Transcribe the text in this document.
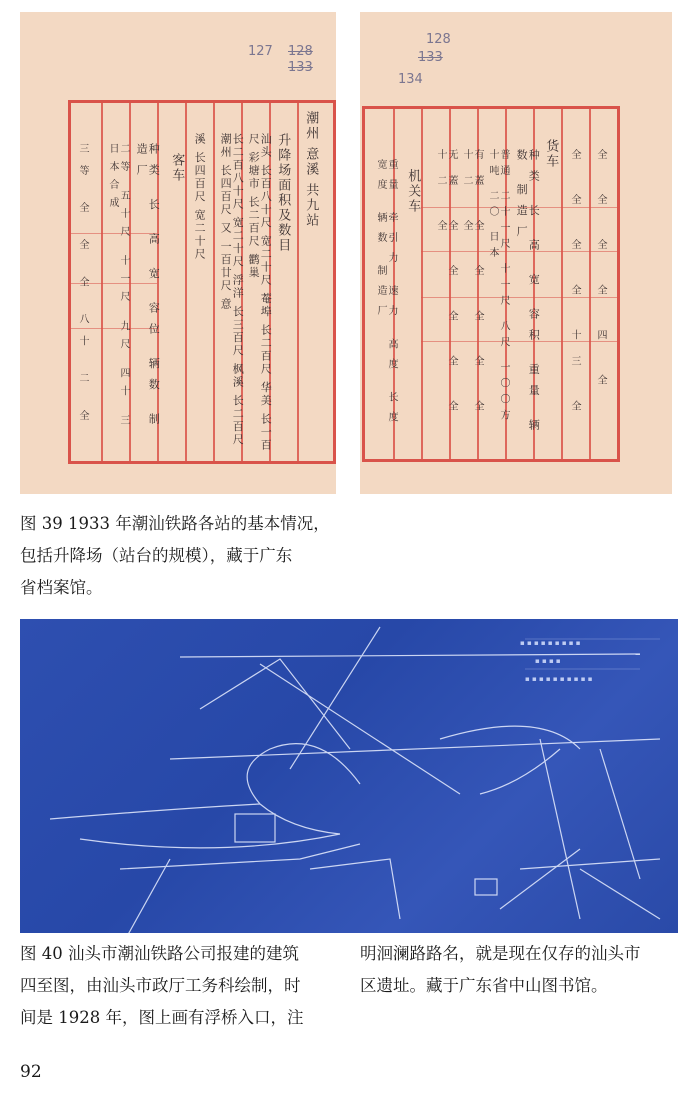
127 128
133
潮州 意溪 共九站
升降场面积及数目
汕头 长百八十尺 宽二十尺 菴埠 长二百尺 华美 长一百尺 彩塘市 长二百尺 鹳巢
长二百八十尺 宽二十尺 浮洋 长三百尺 枫溪 长二百尺 潮州 长四百尺 又 一百廿尺 意
溪 长四百尺 宽二十尺
客车
种类 长 高 宽 容位 辆数 制造厂
二等 五十尺 十一尺 九尺 四十 三 日本合成
三等 全 全 全 八十 二 全
128
133
134
货车
种类 长 高 宽 容积 重量 辆数 制造厂
普通 二十一尺 十一尺 八尺 一〇〇方 十吨 二〇 日本
有蓋 全 全 全 全 全 十二 全
无蓋 全 全 全 全 全 十二 全
机关车
重量 牵引力 速力 高度 长度 宽度 辆数 制造厂	全 全 全 全 四 全
全 全 全 全 十三 全
图 39 1933 年潮汕铁路各站的基本情况，
包括升降场（站台的规模），藏于广东
省档案馆。
▪ ▪ ▪ ▪ ▪ ▪ ▪ ▪ ▪
▪ ▪ ▪ ▪
▪ ▪ ▪ ▪ ▪ ▪ ▪ ▪ ▪ ▪
图 40 汕头市潮汕铁路公司报建的建筑
四至图，由汕头市政厅工务科绘制，时
间是 1928 年，图上画有浮桥入口，注
明洄澜路路名，就是现在仅存的汕头市
区遗址。藏于广东省中山图书馆。
92
